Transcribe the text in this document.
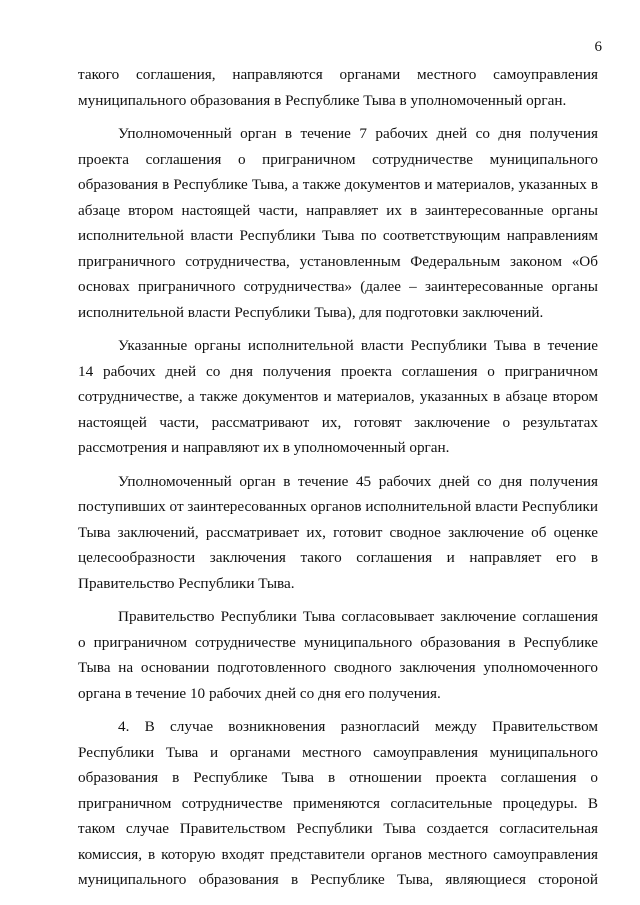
6
такого соглашения, направляются органами местного самоуправления
муниципального образования в Республике Тыва в уполномоченный орган.
Уполномоченный орган в течение 7 рабочих дней со дня получения
проекта соглашения о приграничном сотрудничестве муниципального
образования в Республике Тыва, а также документов и материалов, указанных в
абзаце втором настоящей части, направляет их в заинтересованные органы
исполнительной власти Республики Тыва по соответствующим направлениям
приграничного сотрудничества, установленным Федеральным законом «Об
основах приграничного сотрудничества» (далее – заинтересованные органы
исполнительной власти Республики Тыва), для подготовки заключений.
Указанные органы исполнительной власти Республики Тыва в течение
14 рабочих дней со дня получения проекта соглашения о приграничном
сотрудничестве, а также документов и материалов, указанных в абзаце втором
настоящей части, рассматривают их, готовят заключение о результатах
рассмотрения и направляют их в уполномоченный орган.
Уполномоченный орган в течение 45 рабочих дней со дня получения
поступивших от заинтересованных органов исполнительной власти Республики
Тыва заключений, рассматривает их, готовит сводное заключение об оценке
целесообразности заключения такого соглашения и направляет его в
Правительство Республики Тыва.
Правительство Республики Тыва согласовывает заключение соглашения
о приграничном сотрудничестве муниципального образования в Республике
Тыва на основании подготовленного сводного заключения уполномоченного
органа в течение 10 рабочих дней со дня его получения.
4. В случае возникновения разногласий между Правительством
Республики Тыва и органами местного самоуправления муниципального
образования в Республике Тыва в отношении проекта соглашения о
приграничном сотрудничестве применяются согласительные процедуры. В
таком случае Правительством Республики Тыва создается согласительная
комиссия, в которую входят представители органов местного самоуправления
муниципального образования в Республике Тыва, являющиеся стороной
